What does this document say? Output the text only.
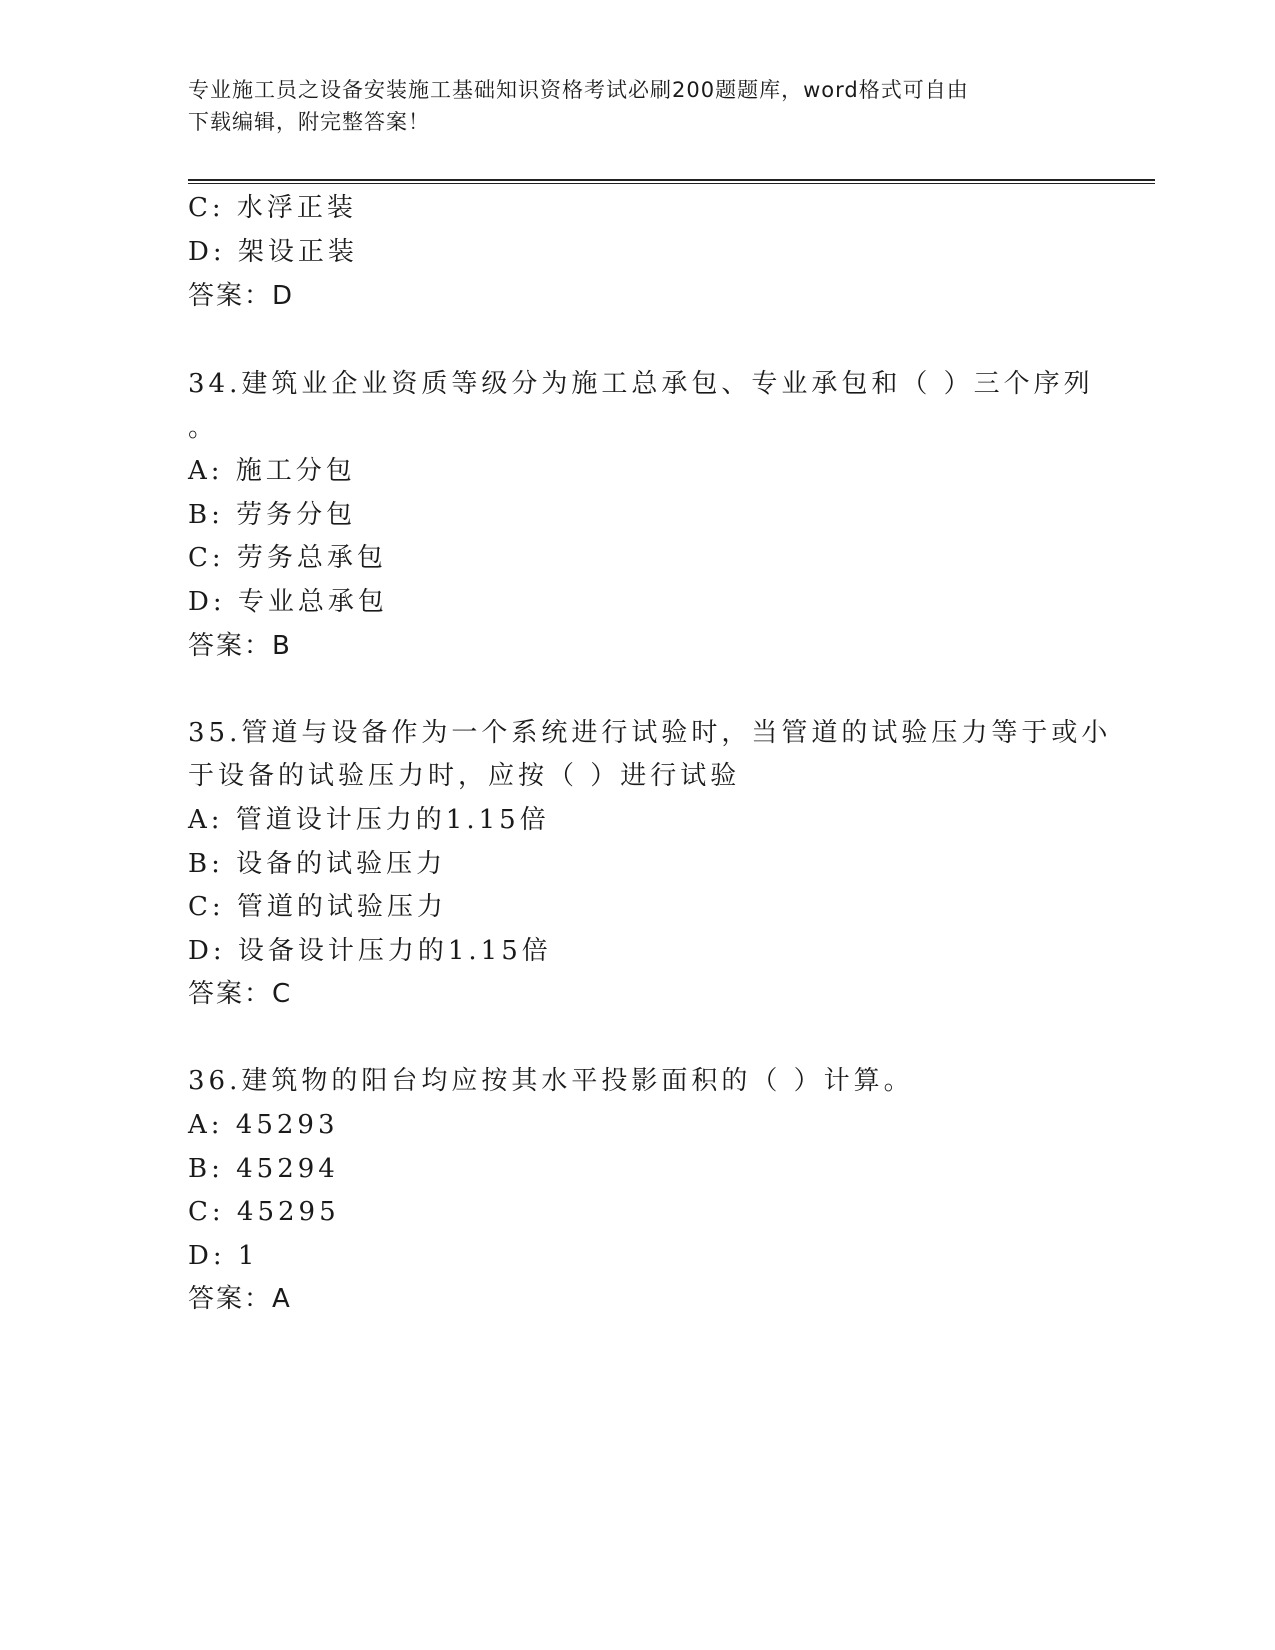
专业施工员之设备安装施工基础知识资格考试必刷200题题库，word格式可自由
下载编辑，附完整答案！
C: 水浮正装
D: 架设正装
答案：D
34.建筑业企业资质等级分为施工总承包、专业承包和（ ）三个序列
。
A: 施工分包
B: 劳务分包
C: 劳务总承包
D: 专业总承包
答案：B
35.管道与设备作为一个系统进行试验时，当管道的试验压力等于或小
于设备的试验压力时，应按（ ）进行试验
A: 管道设计压力的1.15倍
B: 设备的试验压力
C: 管道的试验压力
D: 设备设计压力的1.15倍
答案：C
36.建筑物的阳台均应按其水平投影面积的（ ）计算。
A: 45293
B: 45294
C: 45295
D: 1
答案：A
